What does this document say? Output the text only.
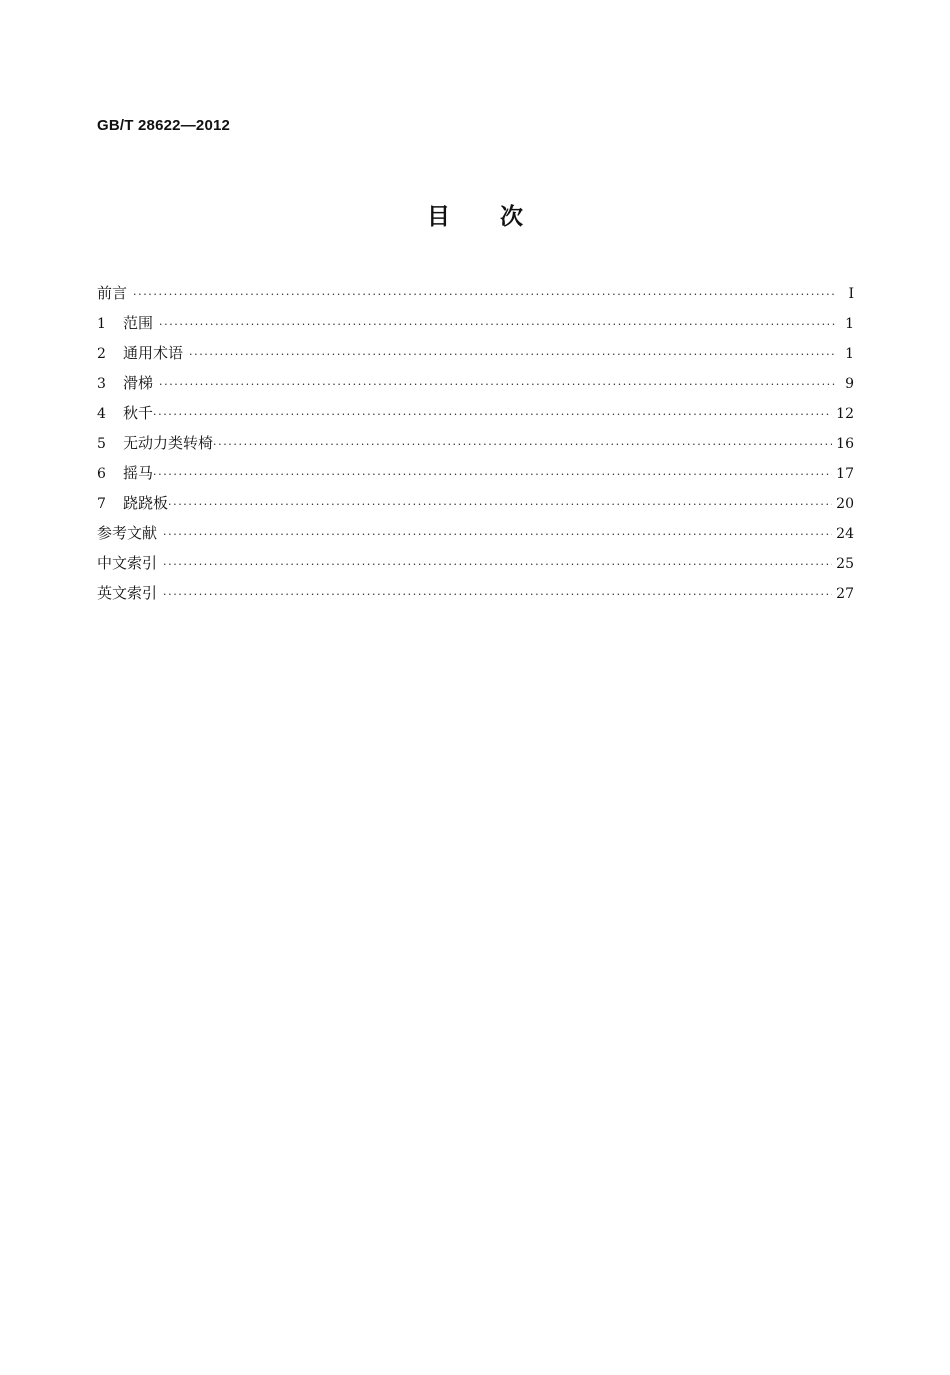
GB/T 28622—2012
目 次
前言 ·····	I
1	范围 ·····	1
2	通用术语 ·····	1
3	滑梯 ·····	9
4	秋千 ·····	12
5	无动力类转椅 ·····	16
6	摇马 ·····	17
7	跷跷板 ·····	20
参考文献 ·····	24
中文索引 ·····	25
英文索引 ·····	27
